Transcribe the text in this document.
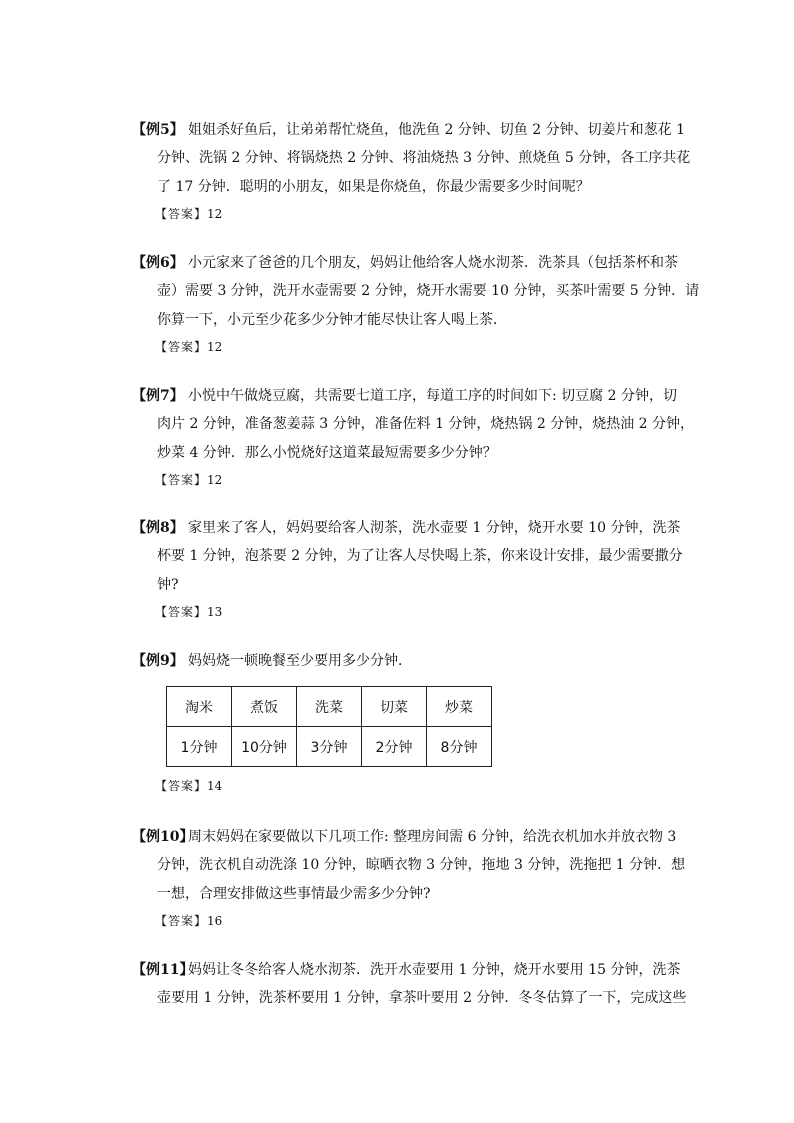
【例5】 姐姐杀好鱼后，让弟弟帮忙烧鱼，他洗鱼 2 分钟、切鱼 2 分钟、切姜片和葱花 1
分钟、洗锅 2 分钟、将锅烧热 2 分钟、将油烧热 3 分钟、煎烧鱼 5 分钟，各工序共花
了 17 分钟．聪明的小朋友，如果是你烧鱼，你最少需要多少时间呢？
【答案】12
【例6】 小元家来了爸爸的几个朋友，妈妈让他给客人烧水沏茶．洗茶具（包括茶杯和茶
壶）需要 3 分钟，洗开水壶需要 2 分钟，烧开水需要 10 分钟，买茶叶需要 5 分钟．请
你算一下，小元至少花多少分钟才能尽快让客人喝上茶．
【答案】12
【例7】 小悦中午做烧豆腐，共需要七道工序，每道工序的时间如下: 切豆腐 2 分钟，切
肉片 2 分钟，准备葱姜蒜 3 分钟，准备佐料 1 分钟，烧热锅 2 分钟，烧热油 2 分钟，
炒菜 4 分钟．那么小悦烧好这道菜最短需要多少分钟？
【答案】12
【例8】 家里来了客人，妈妈要给客人沏茶，洗水壶要 1 分钟，烧开水要 10 分钟，洗茶
杯要 1 分钟，泡茶要 2 分钟，为了让客人尽快喝上茶，你来设计安排，最少需要撒分
钟?
【答案】13
【例9】 妈妈烧一顿晚餐至少要用多少分钟．
淘米	煮饭	洗菜	切菜	炒菜
1分钟	10分钟	3分钟	2分钟	8分钟
【答案】14
【例10】周末妈妈在家要做以下几项工作: 整理房间需 6 分钟，给洗衣机加水并放衣物 3
分钟，洗衣机自动洗涤 10 分钟，晾晒衣物 3 分钟，拖地 3 分钟，洗拖把 1 分钟．想
一想，合理安排做这些事情最少需多少分钟?
【答案】16
【例11】妈妈让冬冬给客人烧水沏茶．洗开水壶要用 1 分钟，烧开水要用 15 分钟，洗茶
壶要用 1 分钟，洗茶杯要用 1 分钟，拿茶叶要用 2 分钟．冬冬估算了一下，完成这些
